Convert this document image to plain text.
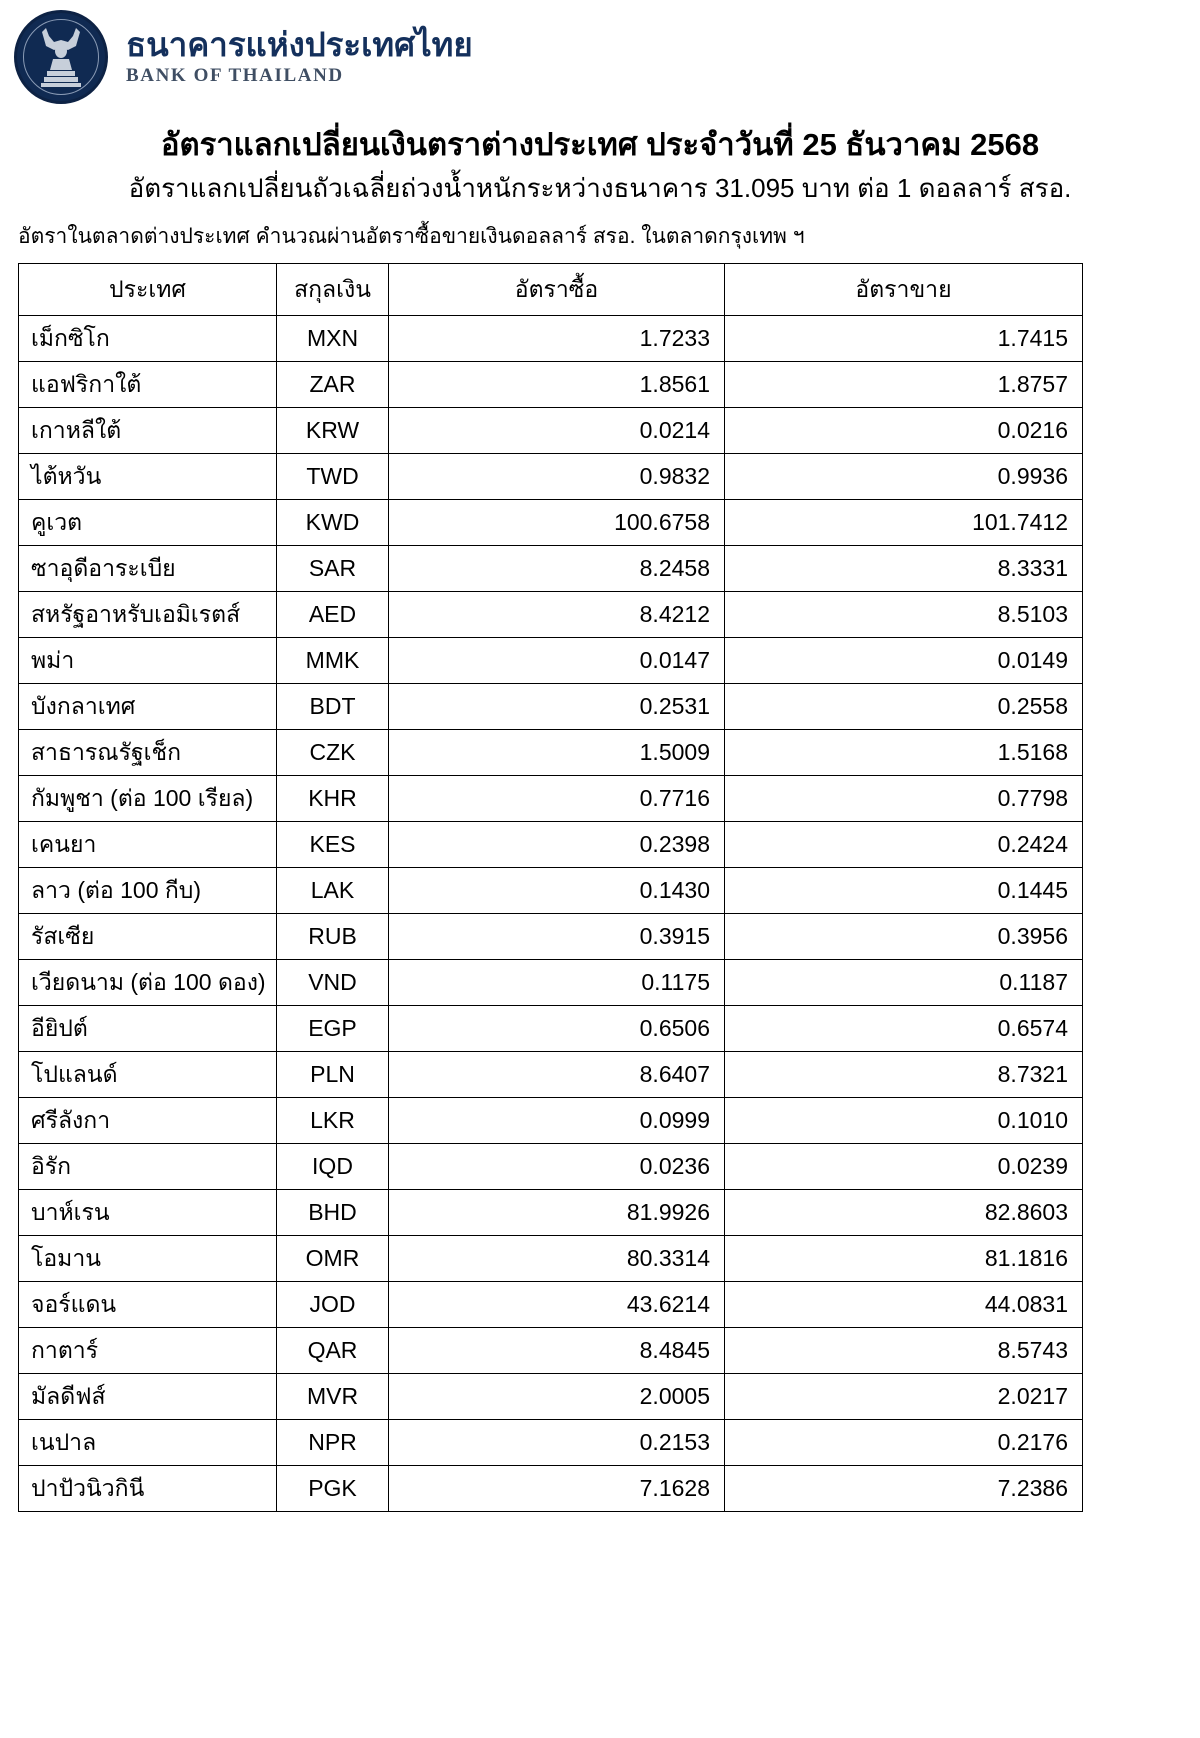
ธนาคารแห่งประเทศไทย
BANK OF THAILAND
อัตราแลกเปลี่ยนเงินตราต่างประเทศ ประจำวันที่ 25 ธันวาคม 2568
อัตราแลกเปลี่ยนถัวเฉลี่ยถ่วงน้ำหนักระหว่างธนาคาร 31.095 บาท ต่อ 1 ดอลลาร์ สรอ.
อัตราในตลาดต่างประเทศ คำนวณผ่านอัตราซื้อขายเงินดอลลาร์ สรอ. ในตลาดกรุงเทพ ฯ
ประเทศ	สกุลเงิน	อัตราซื้อ	อัตราขาย
เม็กซิโก	MXN	1.7233	1.7415
แอฟริกาใต้	ZAR	1.8561	1.8757
เกาหลีใต้	KRW	0.0214	0.0216
ไต้หวัน	TWD	0.9832	0.9936
คูเวต	KWD	100.6758	101.7412
ซาอุดีอาระเบีย	SAR	8.2458	8.3331
สหรัฐอาหรับเอมิเรตส์	AED	8.4212	8.5103
พม่า	MMK	0.0147	0.0149
บังกลาเทศ	BDT	0.2531	0.2558
สาธารณรัฐเช็ก	CZK	1.5009	1.5168
กัมพูชา (ต่อ 100 เรียล)	KHR	0.7716	0.7798
เคนยา	KES	0.2398	0.2424
ลาว (ต่อ 100 กีบ)	LAK	0.1430	0.1445
รัสเซีย	RUB	0.3915	0.3956
เวียดนาม (ต่อ 100 ดอง)	VND	0.1175	0.1187
อียิปต์	EGP	0.6506	0.6574
โปแลนด์	PLN	8.6407	8.7321
ศรีลังกา	LKR	0.0999	0.1010
อิรัก	IQD	0.0236	0.0239
บาห์เรน	BHD	81.9926	82.8603
โอมาน	OMR	80.3314	81.1816
จอร์แดน	JOD	43.6214	44.0831
กาตาร์	QAR	8.4845	8.5743
มัลดีฟส์	MVR	2.0005	2.0217
เนปาล	NPR	0.2153	0.2176
ปาปัวนิวกินี	PGK	7.1628	7.2386
